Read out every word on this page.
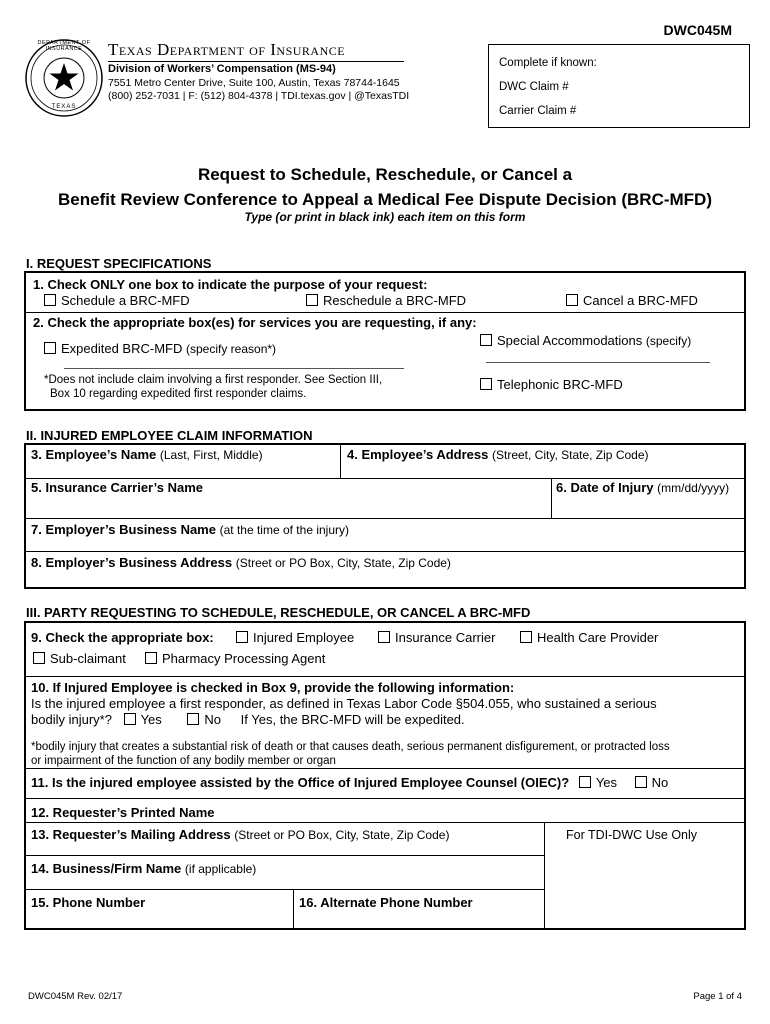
DWC045M
DEPARTMENT OF INSURANCE
TEXAS
Texas Department of Insurance
Division of Workers’ Compensation (MS-94)
7551 Metro Center Drive, Suite 100, Austin, Texas 78744-1645
(800) 252-7031 | F: (512) 804-4378 | TDI.texas.gov | @TexasTDI
Complete if known:
DWC Claim #
Carrier Claim #
Request to Schedule, Reschedule, or Cancel a
Benefit Review Conference to Appeal a Medical Fee Dispute Decision (BRC-MFD)
Type (or print in black ink) each item on this form
I. REQUEST SPECIFICATIONS
1. Check ONLY one box to indicate the purpose of your request:
Schedule a BRC-MFD	Reschedule a BRC-MFD	Cancel a BRC-MFD
2. Check the appropriate box(es) for services you are requesting, if any:
Expedited BRC-MFD (specify reason*)
*Does not include claim involving a first responder. See Section III,
Box 10 regarding expedited first responder claims.
Special Accommodations (specify)
Telephonic BRC-MFD
II. INJURED EMPLOYEE CLAIM INFORMATION
3. Employee’s Name (Last, First, Middle)	4. Employee’s Address (Street, City, State, Zip Code)
5. Insurance Carrier’s Name	6. Date of Injury (mm/dd/yyyy)
7. Employer’s Business Name (at the time of the injury)
8. Employer’s Business Address (Street or PO Box, City, State, Zip Code)
III. PARTY REQUESTING TO SCHEDULE, RESCHEDULE, OR CANCEL A BRC-MFD
9. Check the appropriate box:	Injured Employee	Insurance Carrier	Health Care Provider
Sub-claimant	Pharmacy Processing Agent
10. If Injured Employee is checked in Box 9, provide the following information:
Is the injured employee a first responder, as defined in Texas Labor Code §504.055, who sustained a serious
bodily injury*? Yes	No If Yes, the BRC-MFD will be expedited.
*bodily injury that creates a substantial risk of death or that causes death, serious permanent disfigurement, or protracted loss
or impairment of the function of any bodily member or organ
11. Is the injured employee assisted by the Office of Injured Employee Counsel (OIEC)? Yes	No
12. Requester’s Printed Name
13. Requester’s Mailing Address (Street or PO Box, City, State, Zip Code)	For TDI-DWC Use Only
14. Business/Firm Name (if applicable)
15. Phone Number	16. Alternate Phone Number
DWC045M Rev. 02/17	Page 1 of 4
